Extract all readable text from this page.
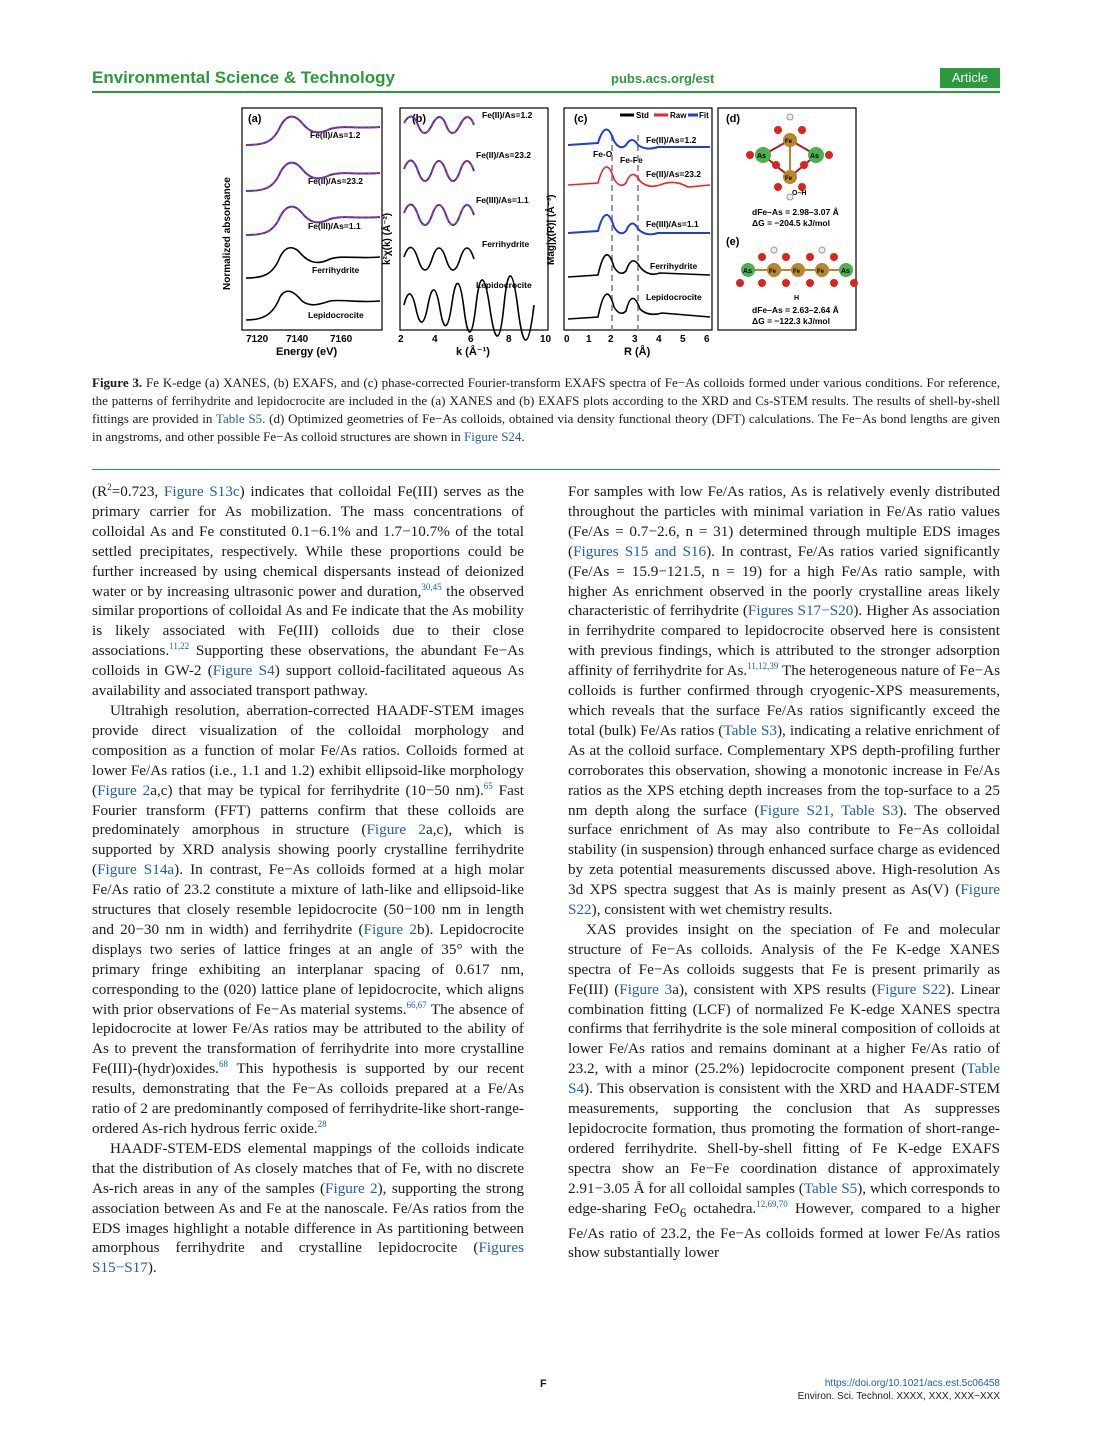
Environmental Science & Technology	pubs.acs.org/est	Article
(a)
Normalized absorbance
Fe(II)/As=1.2
Fe(II)/As=23.2
Fe(III)/As=1.1
Ferrihydrite
Lepidocrocite
7120 7140 7160
Energy (eV)
(b)
k²χ(k) (Å⁻²)
Fe(II)/As=1.2
Fe(II)/As=23.2
Fe(III)/As=1.1
Ferrihydrite
Lepidocrocite
2	4	6	8	10
k (Å⁻¹)
(c)
Mag|χ(R)| (Å⁻³)
Std	Raw Fit
Fe-O
Fe-Fe
Fe(II)/As=1.2
Fe(II)/As=23.2
Fe(III)/As=1.1
Ferrihydrite
Lepidocrocite
0 1 2 3 4 5 6
R (Å)
(d)
As	As
Fe
Fe
O–H
dFe–As = 2.98–3.07 Å
ΔG = −204.5 kJ/mol
(e)
As	Fe	Fe	Fe As
H
dFe–As = 2.63–2.64 Å
ΔG = −122.3 kJ/mol
Figure 3. Fe K-edge (a) XANES, (b) EXAFS, and (c) phase-corrected Fourier-transform EXAFS spectra of Fe−As colloids formed under various conditions. For reference, the patterns of ferrihydrite and lepidocrocite are included in the (a) XANES and (b) EXAFS plots according to the XRD and Cs-STEM results. The results of shell-by-shell fittings are provided in Table S5. (d) Optimized geometries of Fe−As colloids, obtained via density functional theory (DFT) calculations. The Fe−As bond lengths are given in angstroms, and other possible Fe−As colloid structures are shown in Figure S24.

($R^2=0.723$, Figure S13c) indicates that colloidal Fe(III) serves as the primary carrier for As mobilization. The mass concentrations of colloidal As and Fe constituted 0.1−6.1% and 1.7−10.7% of the total settled precipitates, respectively. While these proportions could be further increased by using chemical dispersants instead of deionized water or by increasing ultrasonic power and duration,$^{30,45}$ the observed similar proportions of colloidal As and Fe indicate that the As mobility is likely associated with Fe(III) colloids due to their close associations.$^{11,22}$ Supporting these observations, the abundant Fe−As colloids in GW-2 (Figure S4) support colloid-facilitated aqueous As availability and associated transport pathway.

Ultrahigh resolution, aberration-corrected HAADF-STEM images provide direct visualization of the colloidal morphology and composition as a function of molar Fe/As ratios. Colloids formed at lower Fe/As ratios (i.e., 1.1 and 1.2) exhibit ellipsoid-like morphology (Figure 2a,c) that may be typical for ferrihydrite (10−50 nm).$^{65}$ Fast Fourier transform (FFT) patterns confirm that these colloids are predominately amorphous in structure (Figure 2a,c), which is supported by XRD analysis showing poorly crystalline ferrihydrite (Figure S14a). In contrast, Fe−As colloids formed at a high molar Fe/As ratio of 23.2 constitute a mixture of lath-like and ellipsoid-like structures that closely resemble lepidocrocite (50−100 nm in length and 20−30 nm in width) and ferrihydrite (Figure 2b). Lepidocrocite displays two series of lattice fringes at an angle of 35° with the primary fringe exhibiting an interplanar spacing of 0.617 nm, corresponding to the (020) lattice plane of lepidocrocite, which aligns with prior observations of Fe−As material systems.$^{66,67}$ The absence of lepidocrocite at lower Fe/As ratios may be attributed to the ability of As to prevent the transformation of ferrihydrite into more crystalline Fe(III)-(hydr)oxides.$^{68}$ This hypothesis is supported by our recent results, demonstrating that the Fe−As colloids prepared at a Fe/As ratio of 2 are predominantly composed of ferrihydrite-like short-range-ordered As-rich hydrous ferric oxide.$^{28}$

HAADF-STEM-EDS elemental mappings of the colloids indicate that the distribution of As closely matches that of Fe, with no discrete As-rich areas in any of the samples (Figure 2), supporting the strong association between As and Fe at the nanoscale. Fe/As ratios from the EDS images highlight a notable difference in As partitioning between amorphous ferrihydrite and crystalline lepidocrocite (Figures S15−S17).

For samples with low Fe/As ratios, As is relatively evenly distributed throughout the particles with minimal variation in Fe/As ratio values (Fe/As = 0.7−2.6, n = 31) determined through multiple EDS images (Figures S15 and S16). In contrast, Fe/As ratios varied significantly (Fe/As = 15.9−121.5, n = 19) for a high Fe/As ratio sample, with higher As enrichment observed in the poorly crystalline areas likely characteristic of ferrihydrite (Figures S17−S20). Higher As association in ferrihydrite compared to lepidocrocite observed here is consistent with previous findings, which is attributed to the stronger adsorption affinity of ferrihydrite for As.$^{11,12,39}$ The heterogeneous nature of Fe−As colloids is further confirmed through cryogenic-XPS measurements, which reveals that the surface Fe/As ratios significantly exceed the total (bulk) Fe/As ratios (Table S3), indicating a relative enrichment of As at the colloid surface. Complementary XPS depth-profiling further corroborates this observation, showing a monotonic increase in Fe/As ratios as the XPS etching depth increases from the top-surface to a 25 nm depth along the surface (Figure S21, Table S3). The observed surface enrichment of As may also contribute to Fe−As colloidal stability (in suspension) through enhanced surface charge as evidenced by zeta potential measurements discussed above. High-resolution As 3d XPS spectra suggest that As is mainly present as As(V) (Figure S22), consistent with wet chemistry results.

XAS provides insight on the speciation of Fe and molecular structure of Fe−As colloids. Analysis of the Fe K-edge XANES spectra of Fe−As colloids suggests that Fe is present primarily as Fe(III) (Figure 3a), consistent with XPS results (Figure S22). Linear combination fitting (LCF) of normalized Fe K-edge XANES spectra confirms that ferrihydrite is the sole mineral composition of colloids at lower Fe/As ratios and remains dominant at a higher Fe/As ratio of 23.2, with a minor (25.2%) lepidocrocite component present (Table S4). This observation is consistent with the XRD and HAADF-STEM measurements, supporting the conclusion that As suppresses lepidocrocite formation, thus promoting the formation of short-range-ordered ferrihydrite. Shell-by-shell fitting of Fe K-edge EXAFS spectra show an Fe−Fe coordination distance of approximately 2.91−3.05 Å for all colloidal samples (Table S5), which corresponds to edge-sharing FeO$_6$ octahedra.$^{12,69,70}$ However, compared to a higher Fe/As ratio of 23.2, the Fe−As colloids formed at lower Fe/As ratios show substantially lower

F	https://doi.org/10.1021/acs.est.5c06458
Environ. Sci. Technol. XXXX, XXX, XXX−XXX
